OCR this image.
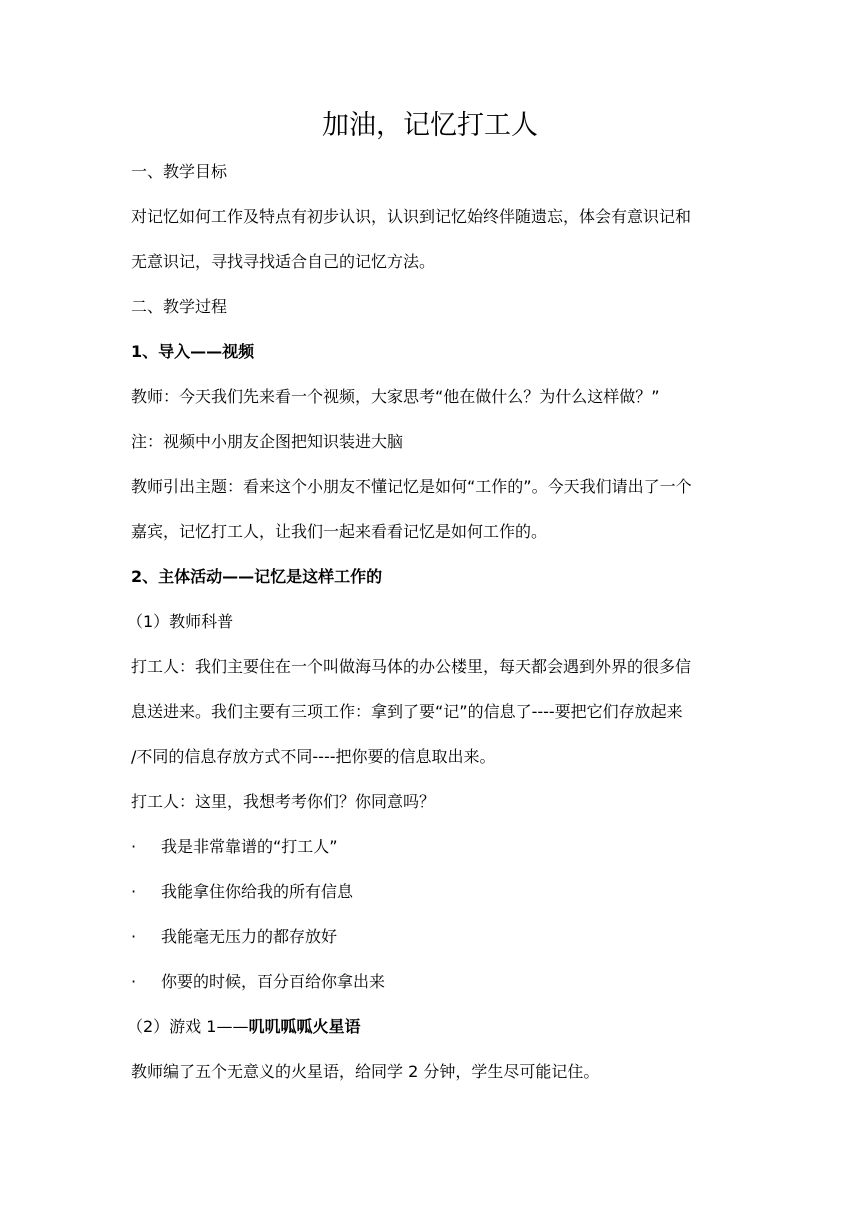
加油，记忆打工人
一、教学目标
对记忆如何工作及特点有初步认识，认识到记忆始终伴随遗忘，体会有意识记和
无意识记，寻找寻找适合自己的记忆方法。
二、教学过程
1、导入——视频
教师：今天我们先来看一个视频，大家思考“他在做什么？为什么这样做？”
注：视频中小朋友企图把知识装进大脑
教师引出主题：看来这个小朋友不懂记忆是如何“工作的”。今天我们请出了一个
嘉宾，记忆打工人，让我们一起来看看记忆是如何工作的。
2、主体活动——记忆是这样工作的
（1）教师科普
打工人：我们主要住在一个叫做海马体的办公楼里，每天都会遇到外界的很多信
息送进来。我们主要有三项工作：拿到了要“记”的信息了----要把它们存放起来
/不同的信息存放方式不同----把你要的信息取出来。
打工人：这里，我想考考你们？你同意吗？
· 我是非常靠谱的“打工人”
· 我能拿住你给我的所有信息
· 我能毫无压力的都存放好
· 你要的时候，百分百给你拿出来
（2）游戏 1——叽叽呱呱火星语
教师编了五个无意义的火星语，给同学 2 分钟，学生尽可能记住。
